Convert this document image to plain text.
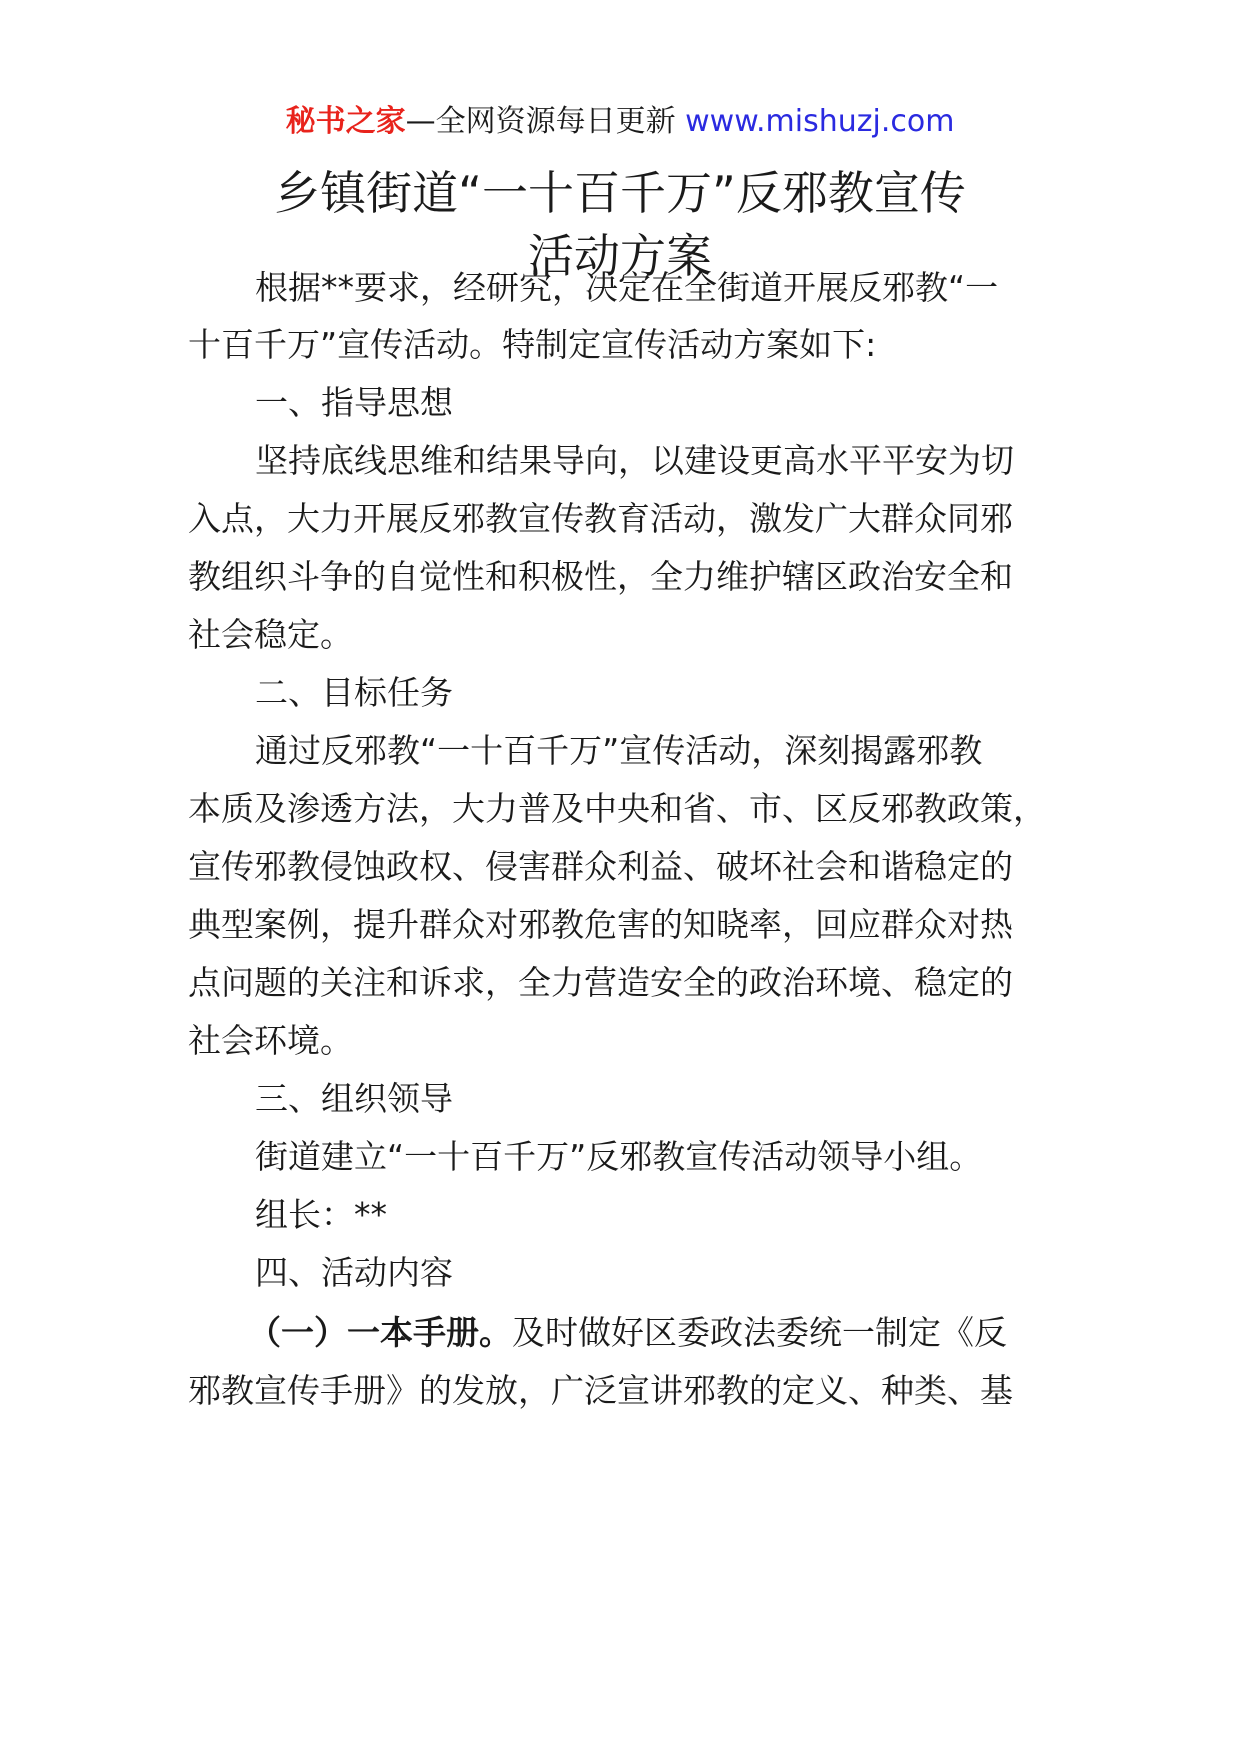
秘书之家—全网资源每日更新 www.mishuzj.com
乡镇街道“一十百千万”反邪教宣传
活动方案
根据**要求，经研究，决定在全街道开展反邪教“一
十百千万”宣传活动。特制定宣传活动方案如下:
一、指导思想
坚持底线思维和结果导向，以建设更高水平平安为切
入点，大力开展反邪教宣传教育活动，激发广大群众同邪
教组织斗争的自觉性和积极性，全力维护辖区政治安全和
社会稳定。
二、目标任务
通过反邪教“一十百千万”宣传活动，深刻揭露邪教
本质及渗透方法，大力普及中央和省、市、区反邪教政策，
宣传邪教侵蚀政权、侵害群众利益、破坏社会和谐稳定的
典型案例，提升群众对邪教危害的知晓率，回应群众对热
点问题的关注和诉求，全力营造安全的政治环境、稳定的
社会环境。
三、组织领导
街道建立“一十百千万”反邪教宣传活动领导小组。
组长：**
四、活动内容
（一）一本手册。及时做好区委政法委统一制定《反
邪教宣传手册》的发放，广泛宣讲邪教的定义、种类、基
